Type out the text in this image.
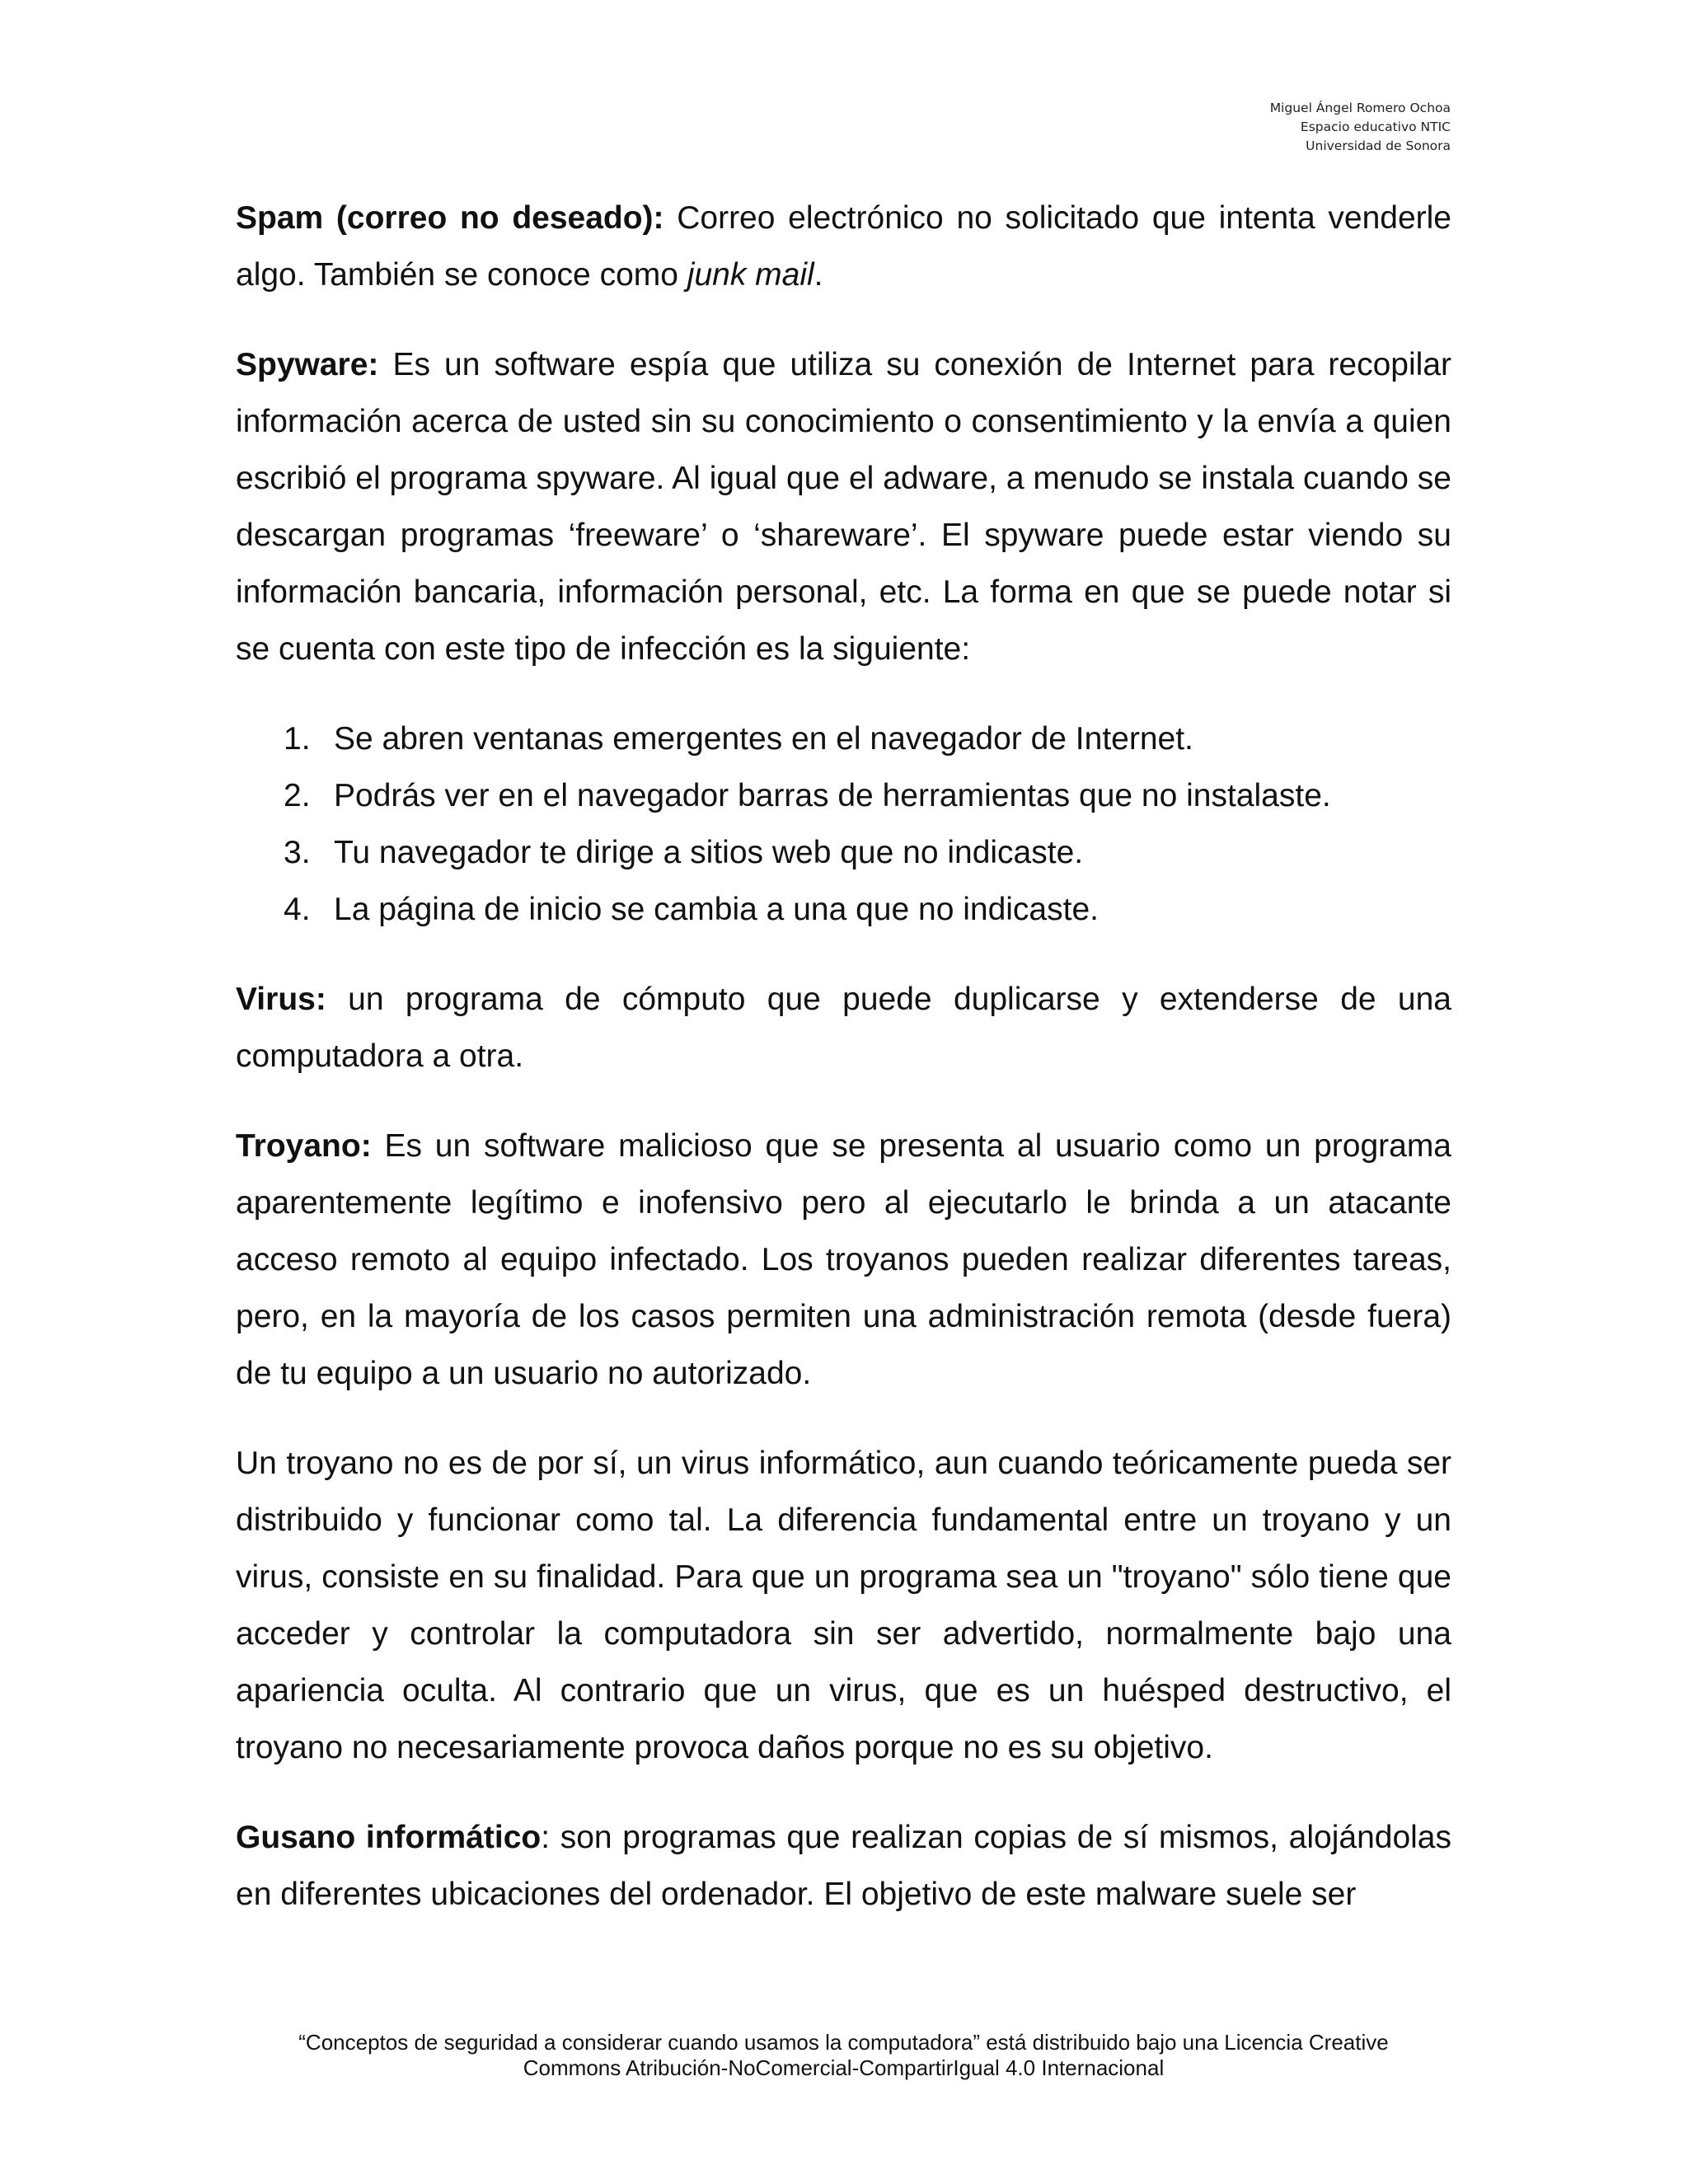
Miguel Ángel Romero Ochoa
Espacio educativo NTIC
Universidad de Sonora

Spam (correo no deseado): Correo electrónico no solicitado que intenta venderle algo. También se conoce como junk mail.

Spyware: Es un software espía que utiliza su conexión de Internet para recopilar información acerca de usted sin su conocimiento o consentimiento y la envía a quien escribió el programa spyware. Al igual que el adware, a menudo se instala cuando se descargan programas ‘freeware’ o ‘shareware’. El spyware puede estar viendo su información bancaria, información personal, etc. La forma en que se puede notar si se cuenta con este tipo de infección es la siguiente:

1. Se abren ventanas emergentes en el navegador de Internet.
2. Podrás ver en el navegador barras de herramientas que no instalaste.
3. Tu navegador te dirige a sitios web que no indicaste.
4. La página de inicio se cambia a una que no indicaste.

Virus: un programa de cómputo que puede duplicarse y extenderse de una computadora a otra.

Troyano: Es un software malicioso que se presenta al usuario como un programa aparentemente legítimo e inofensivo pero al ejecutarlo le brinda a un atacante acceso remoto al equipo infectado. Los troyanos pueden realizar diferentes tareas, pero, en la mayoría de los casos permiten una administración remota (desde fuera) de tu equipo a un usuario no autorizado.

Un troyano no es de por sí, un virus informático, aun cuando teóricamente pueda ser distribuido y funcionar como tal. La diferencia fundamental entre un troyano y un virus, consiste en su finalidad. Para que un programa sea un "troyano" sólo tiene que acceder y controlar la computadora sin ser advertido, normalmente bajo una apariencia oculta. Al contrario que un virus, que es un huésped destructivo, el troyano no necesariamente provoca daños porque no es su objetivo.

Gusano informático: son programas que realizan copias de sí mismos, alojándolas en diferentes ubicaciones del ordenador. El objetivo de este malware suele ser

“Conceptos de seguridad a considerar cuando usamos la computadora” está distribuido bajo una Licencia Creative
Commons Atribución-NoComercial-CompartirIgual 4.0 Internacional
